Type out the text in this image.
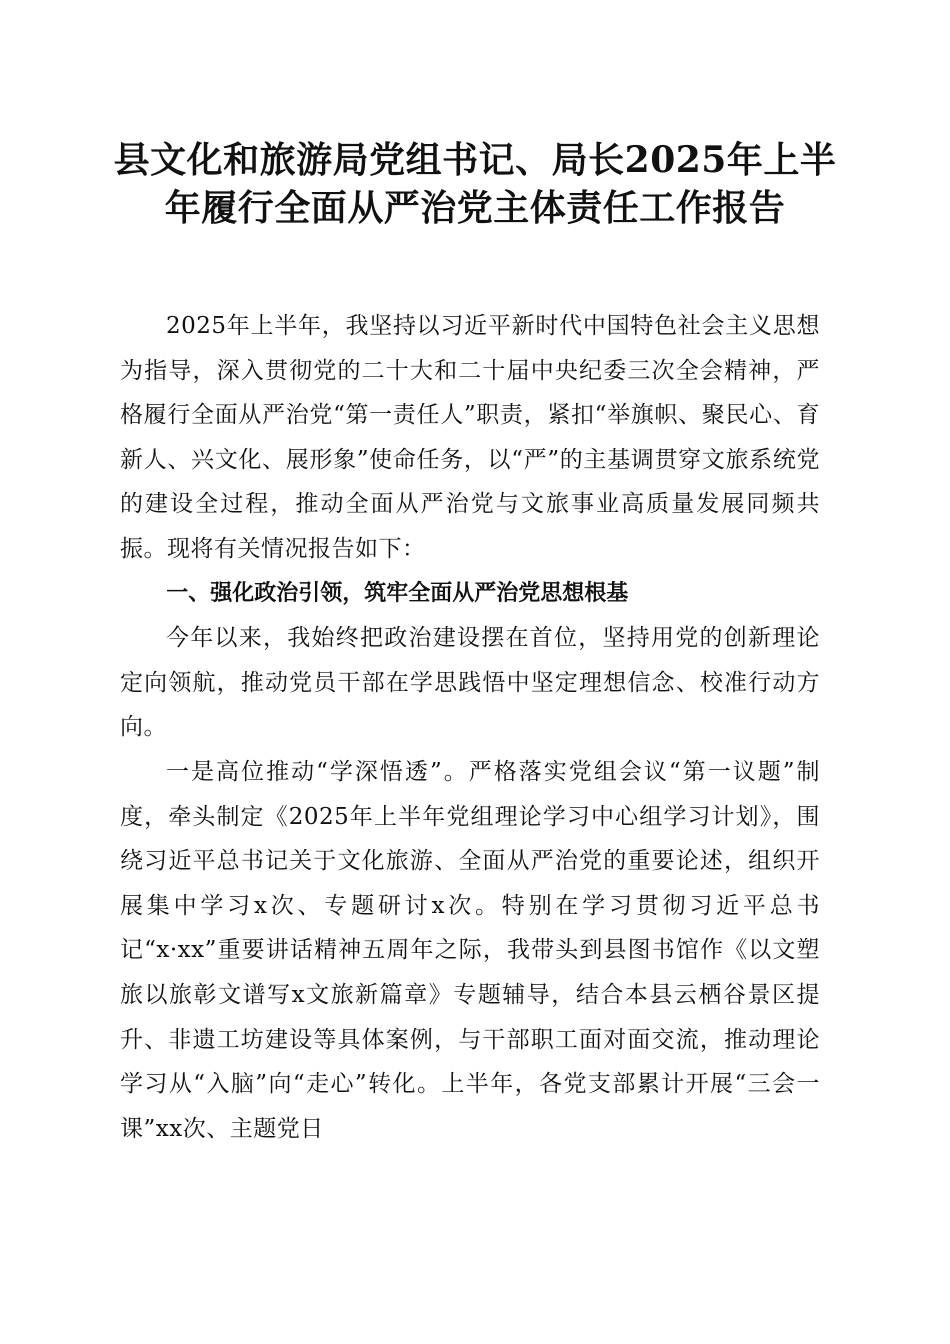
县文化和旅游局党组书记、局长2025年上半
年履行全面从严治党主体责任工作报告

2025年上半年，我坚持以习近平新时代中国特色社会主义思想为指导，深入贯彻党的二十大和二十届中央纪委三次全会精神，严格履行全面从严治党“第一责任人”职责，紧扣“举旗帜、聚民心、育新人、兴文化、展形象”使命任务，以“严”的主基调贯穿文旅系统党的建设全过程，推动全面从严治党与文旅事业高质量发展同频共振。现将有关情况报告如下：

一、强化政治引领，筑牢全面从严治党思想根基

今年以来，我始终把政治建设摆在首位，坚持用党的创新理论定向领航，推动党员干部在学思践悟中坚定理想信念、校准行动方向。

一是高位推动“学深悟透”。严格落实党组会议“第一议题”制度，牵头制定《2025年上半年党组理论学习中心组学习计划》，围绕习近平总书记关于文化旅游、全面从严治党的重要论述，组织开展集中学习x次、专题研讨x次。特别在学习贯彻习近平总书记“x·xx”重要讲话精神五周年之际，我带头到县图书馆作《以文塑旅以旅彰文谱写x文旅新篇章》专题辅导，结合本县云栖谷景区提升、非遗工坊建设等具体案例，与干部职工面对面交流，推动理论学习从“入脑”向“走心”转化。上半年，各党支部累计开展“三会一课”xx次、主题党日
